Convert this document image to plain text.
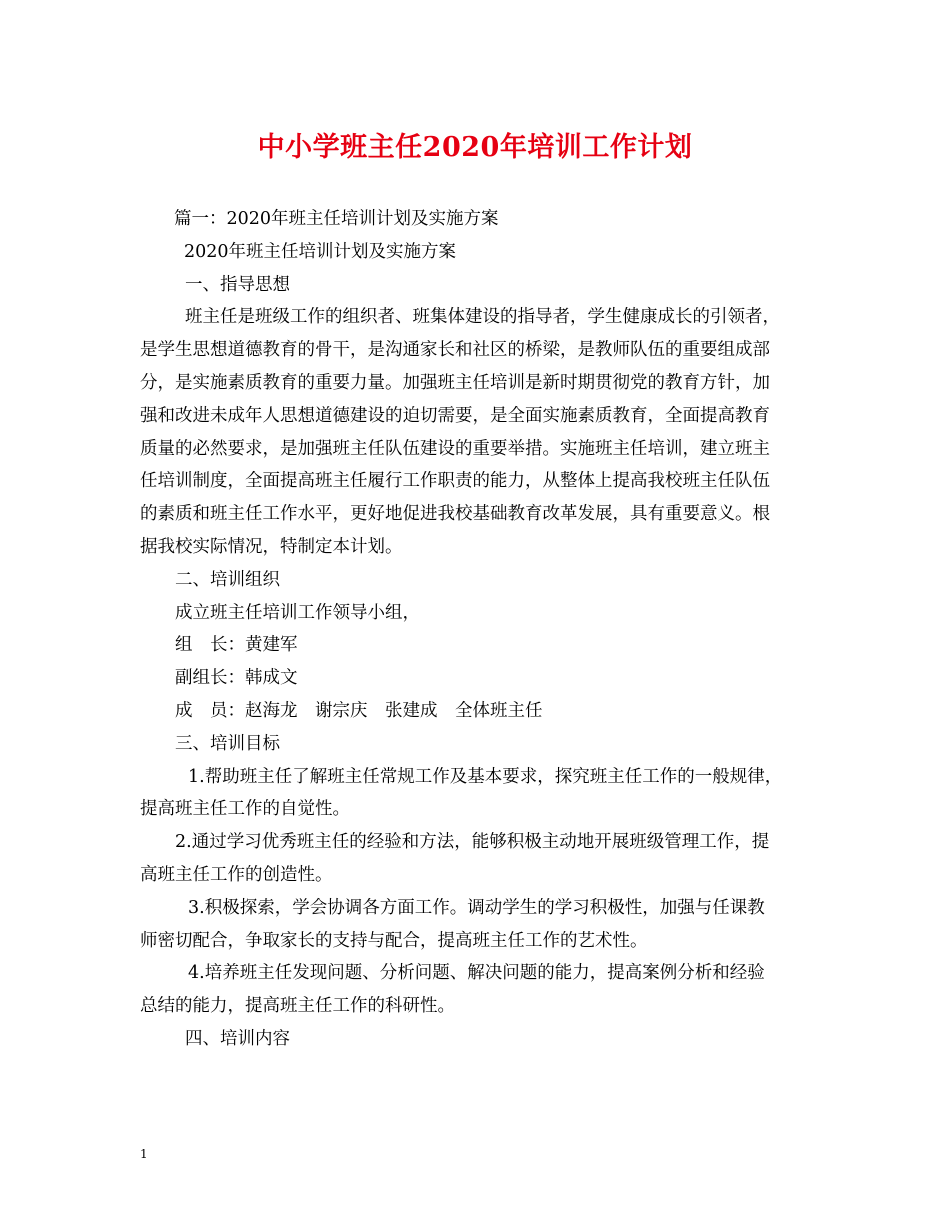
中小学班主任2020年培训工作计划

篇一：2020年班主任培训计划及实施方案

2020年班主任培训计划及实施方案

一、指导思想

班主任是班级工作的组织者、班集体建设的指导者，学生健康成长的引领者，

是学生思想道德教育的骨干，是沟通家长和社区的桥梁，是教师队伍的重要组成部

分，是实施素质教育的重要力量。加强班主任培训是新时期贯彻党的教育方针，加

强和改进未成年人思想道德建设的迫切需要，是全面实施素质教育，全面提高教育

质量的必然要求，是加强班主任队伍建设的重要举措。实施班主任培训，建立班主

任培训制度，全面提高班主任履行工作职责的能力，从整体上提高我校班主任队伍

的素质和班主任工作水平，更好地促进我校基础教育改革发展，具有重要意义。根

据我校实际情况，特制定本计划。

二、培训组织

成立班主任培训工作领导小组，

组　长：黄建军

副组长：韩成文

成　员：赵海龙　谢宗庆　张建成　全体班主任

三、培训目标

1.帮助班主任了解班主任常规工作及基本要求，探究班主任工作的一般规律，

提高班主任工作的自觉性。

2.通过学习优秀班主任的经验和方法，能够积极主动地开展班级管理工作，提

高班主任工作的创造性。

3.积极探索，学会协调各方面工作。调动学生的学习积极性，加强与任课教

师密切配合，争取家长的支持与配合，提高班主任工作的艺术性。

4.培养班主任发现问题、分析问题、解决问题的能力，提高案例分析和经验

总结的能力，提高班主任工作的科研性。

四、培训内容

1
